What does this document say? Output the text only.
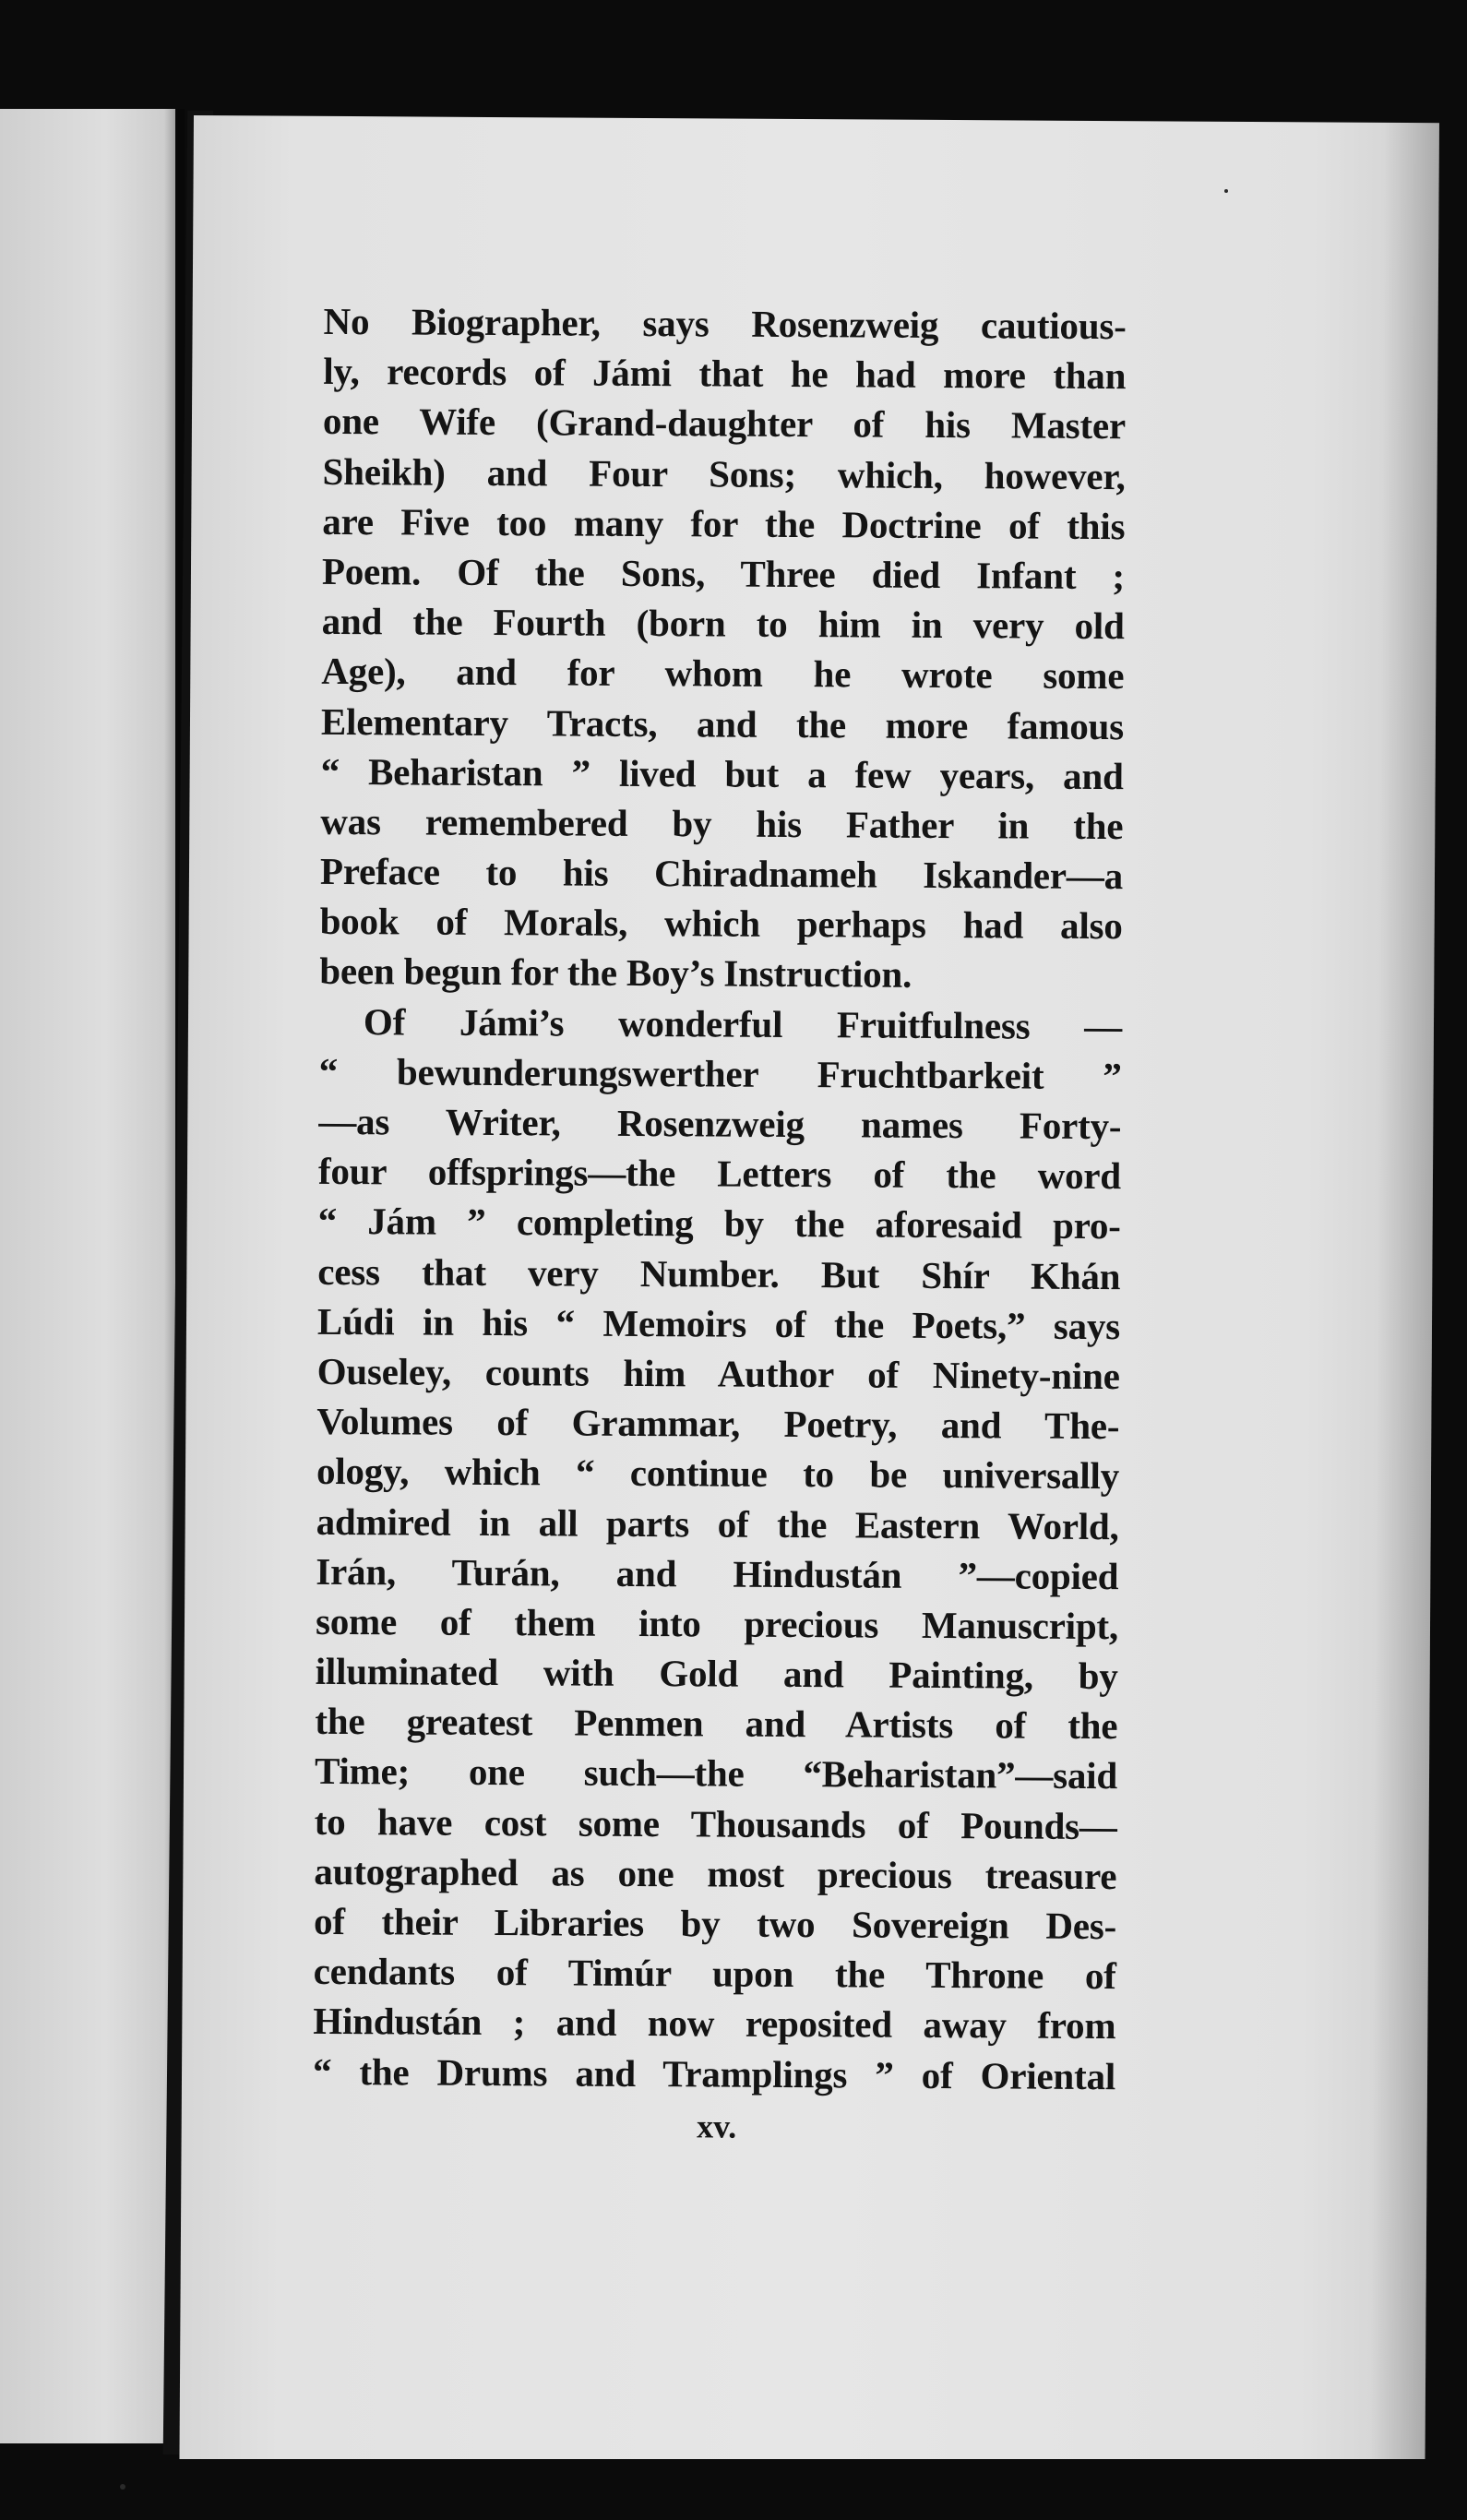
No Biographer, says Rosenzweig cautious-
ly, records of Jámi that he had more than
one Wife (Grand-daughter of his Master
Sheikh) and Four Sons; which, however,
are Five too many for the Doctrine of this
Poem. Of the Sons, Three died Infant ;
and the Fourth (born to him in very old
Age), and for whom he wrote some
Elementary Tracts, and the more famous
“ Beharistan ” lived but a few years, and
was remembered by his Father in the
Preface to his Chiradnameh Iskander—a
book of Morals, which perhaps had also
been begun for the Boy’s Instruction.
Of Jámi’s wonderful Fruitfulness —
“ bewunderungswerther Fruchtbarkeit ”
—as Writer, Rosenzweig names Forty-
four offsprings—the Letters of the word
“ Jám ” completing by the aforesaid pro-
cess that very Number. But Shír Khán
Lúdi in his “ Memoirs of the Poets,” says
Ouseley, counts him Author of Ninety-nine
Volumes of Grammar, Poetry, and The-
ology, which “ continue to be universally
admired in all parts of the Eastern World,
Irán, Turán, and Hindustán ”—copied
some of them into precious Manuscript,
illuminated with Gold and Painting, by
the greatest Penmen and Artists of the
Time; one such—the “Beharistan”—said
to have cost some Thousands of Pounds—
autographed as one most precious treasure
of their Libraries by two Sovereign Des-
cendants of Timúr upon the Throne of
Hindustán ; and now reposited away from
“ the Drums and Tramplings ” of Oriental
xv.
